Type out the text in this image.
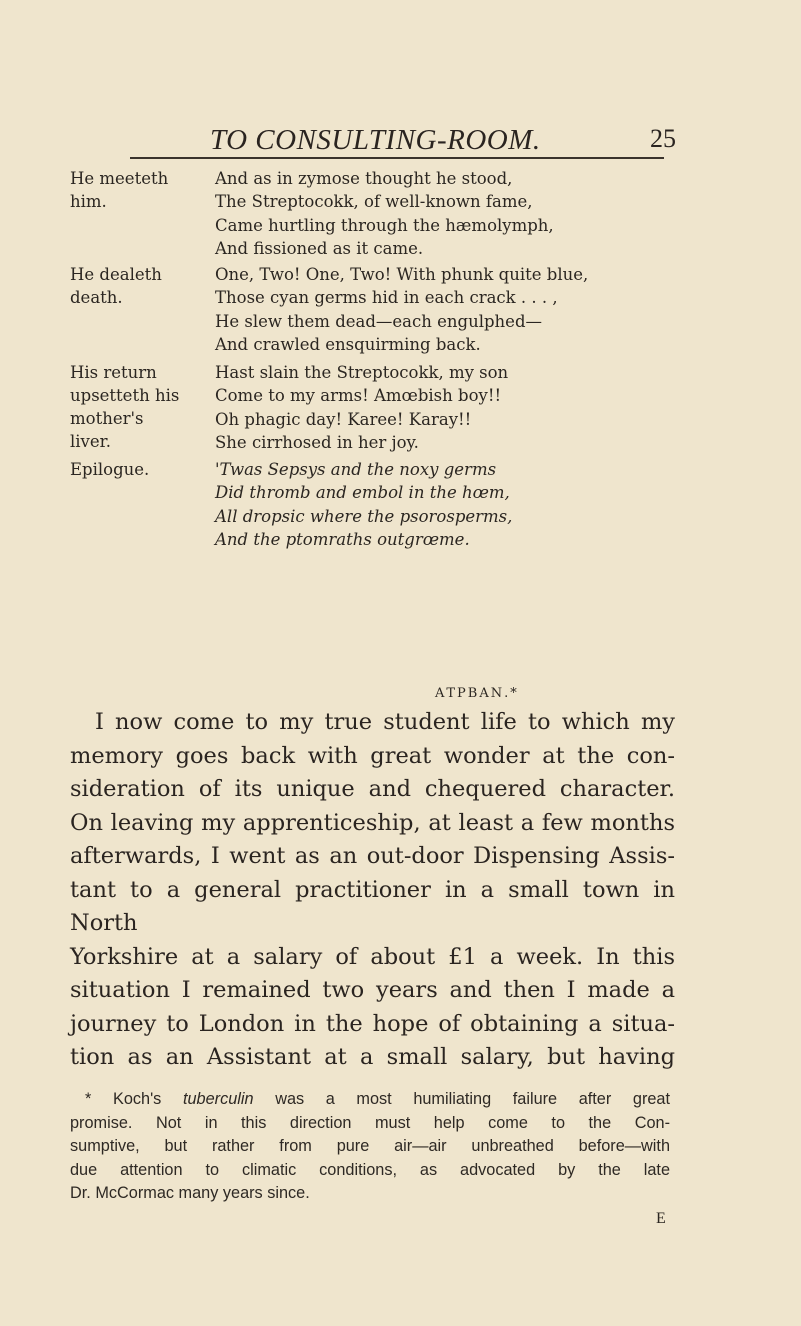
TO CONSULTING-ROOM.	25
He meeteth
him.
And as in zymose thought he stood,
The Streptocokk, of well-known fame,
Came hurtling through the hæmolymph,
And fissioned as it came.
He dealeth
death.
One, Two! One, Two! With phunk quite blue,
Those cyan germs hid in each crack . . . ,
He slew them dead—each engulphed—
And crawled ensquirming back.
His return
upsetteth his
mother's
liver.
Hast slain the Streptocokk, my son
Come to my arms! Amœbish boy!!
Oh phagic day! Karee! Karay!!
She cirrhosed in her joy.
Epilogue.	'Twas Sepsys and the noxy germs
Did thromb and embol in the hœm,
All dropsic where the psorosperms,
And the ptomraths outgrœme.
ΑΤΡΒΑΝ.*
I now come to my true student life to which my
memory goes back with great wonder at the con-
sideration of its unique and chequered character.
On leaving my apprenticeship, at least a few months
afterwards, I went as an out-door Dispensing Assis-
tant to a general practitioner in a small town in North
Yorkshire at a salary of about £1 a week. In this
situation I remained two years and then I made a
journey to London in the hope of obtaining a situa-
tion as an Assistant at a small salary, but having
* Koch's tuberculin was a most humiliating failure after great
promise. Not in this direction must help come to the Con-
sumptive, but rather from pure air—air unbreathed before—with
due attention to climatic conditions, as advocated by the late
Dr. McCormac many years since.
E
